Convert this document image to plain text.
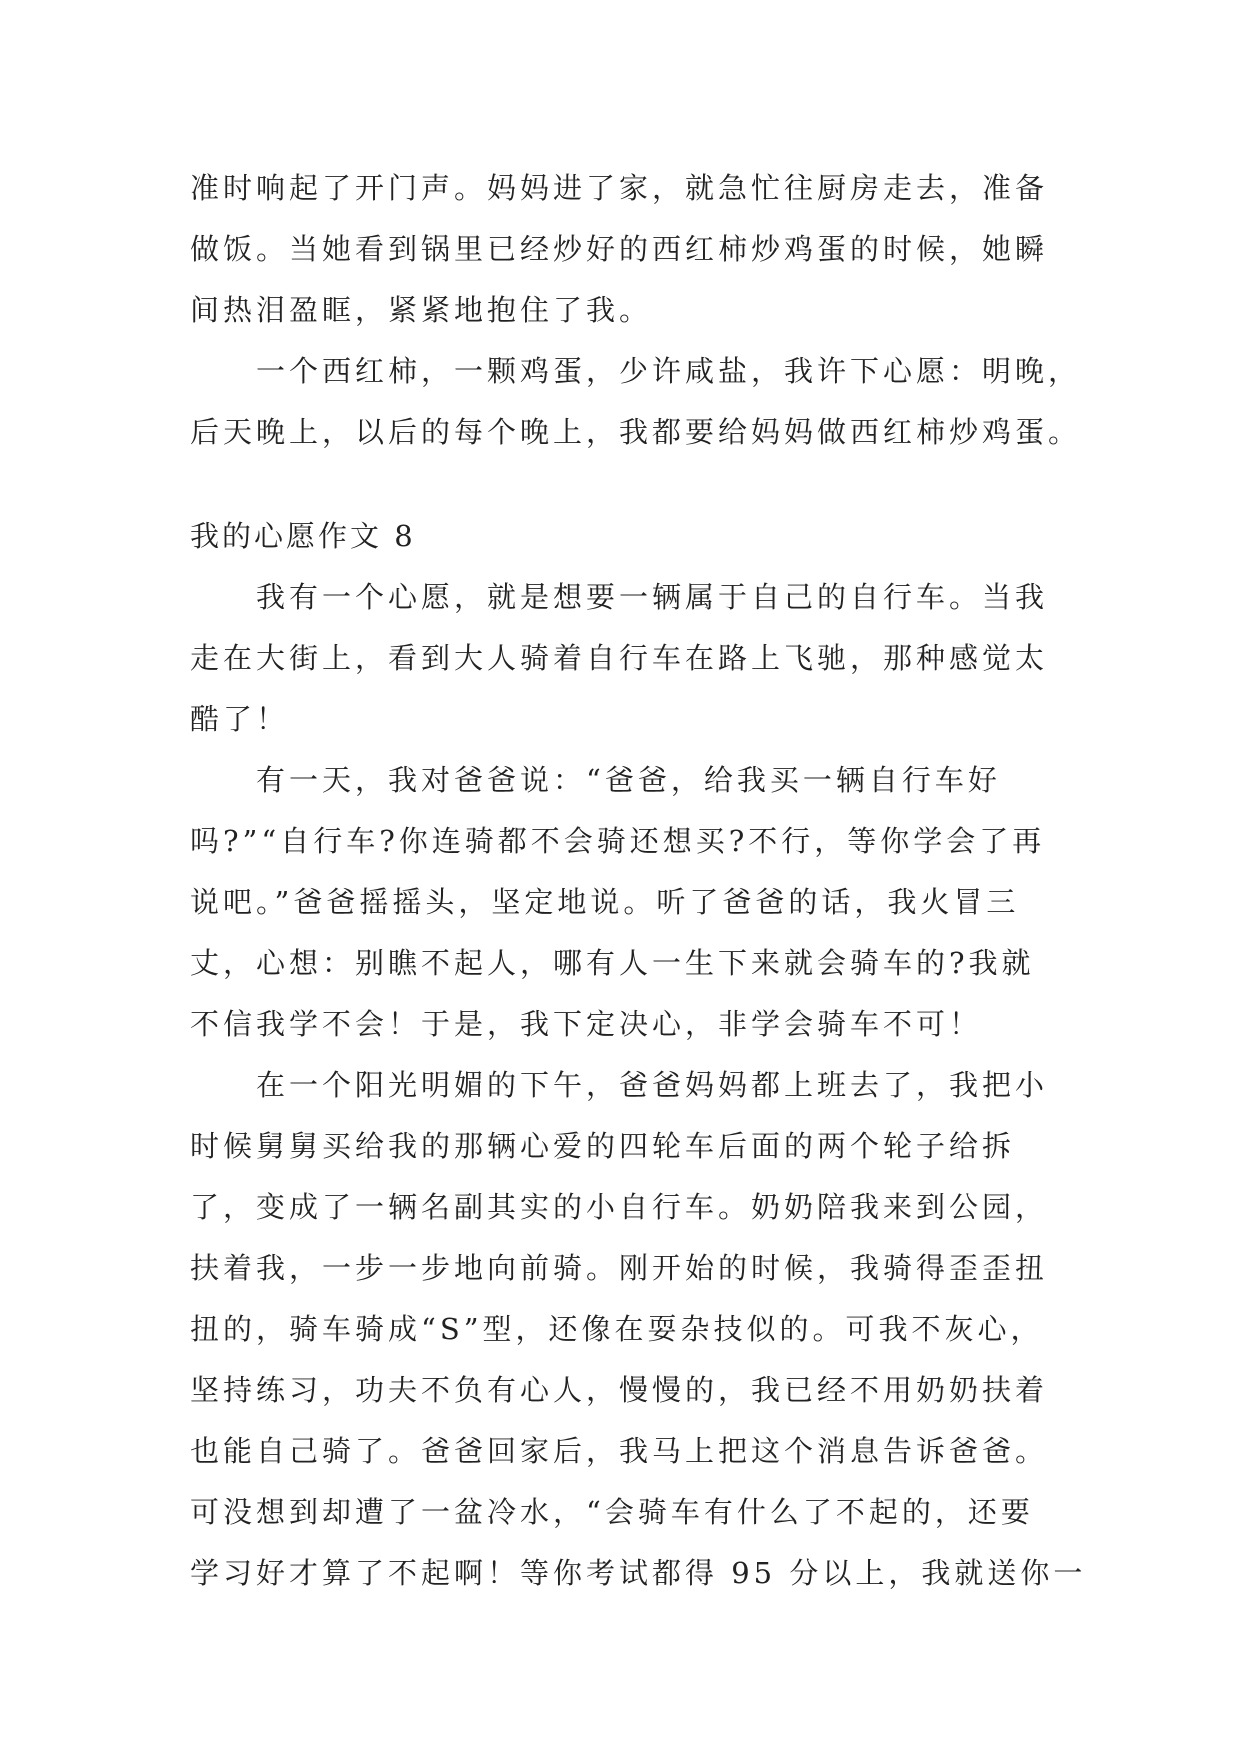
准时响起了开门声。妈妈进了家，就急忙往厨房走去，准备
做饭。当她看到锅里已经炒好的西红柿炒鸡蛋的时候，她瞬
间热泪盈眶，紧紧地抱住了我。
一个西红柿，一颗鸡蛋，少许咸盐，我许下心愿：明晚，
后天晚上，以后的每个晚上，我都要给妈妈做西红柿炒鸡蛋。
我的心愿作文 8
我有一个心愿，就是想要一辆属于自己的自行车。当我
走在大街上，看到大人骑着自行车在路上飞驰，那种感觉太
酷了！
有一天，我对爸爸说：“爸爸，给我买一辆自行车好
吗?”“自行车?你连骑都不会骑还想买?不行，等你学会了再
说吧。”爸爸摇摇头，坚定地说。听了爸爸的话，我火冒三
丈，心想：别瞧不起人，哪有人一生下来就会骑车的?我就
不信我学不会！于是，我下定决心，非学会骑车不可！
在一个阳光明媚的下午，爸爸妈妈都上班去了，我把小
时候舅舅买给我的那辆心爱的四轮车后面的两个轮子给拆
了，变成了一辆名副其实的小自行车。奶奶陪我来到公园，
扶着我，一步一步地向前骑。刚开始的时候，我骑得歪歪扭
扭的，骑车骑成“S”型，还像在耍杂技似的。可我不灰心，
坚持练习，功夫不负有心人，慢慢的，我已经不用奶奶扶着
也能自己骑了。爸爸回家后，我马上把这个消息告诉爸爸。
可没想到却遭了一盆冷水，“会骑车有什么了不起的，还要
学习好才算了不起啊！等你考试都得 95 分以上，我就送你一
